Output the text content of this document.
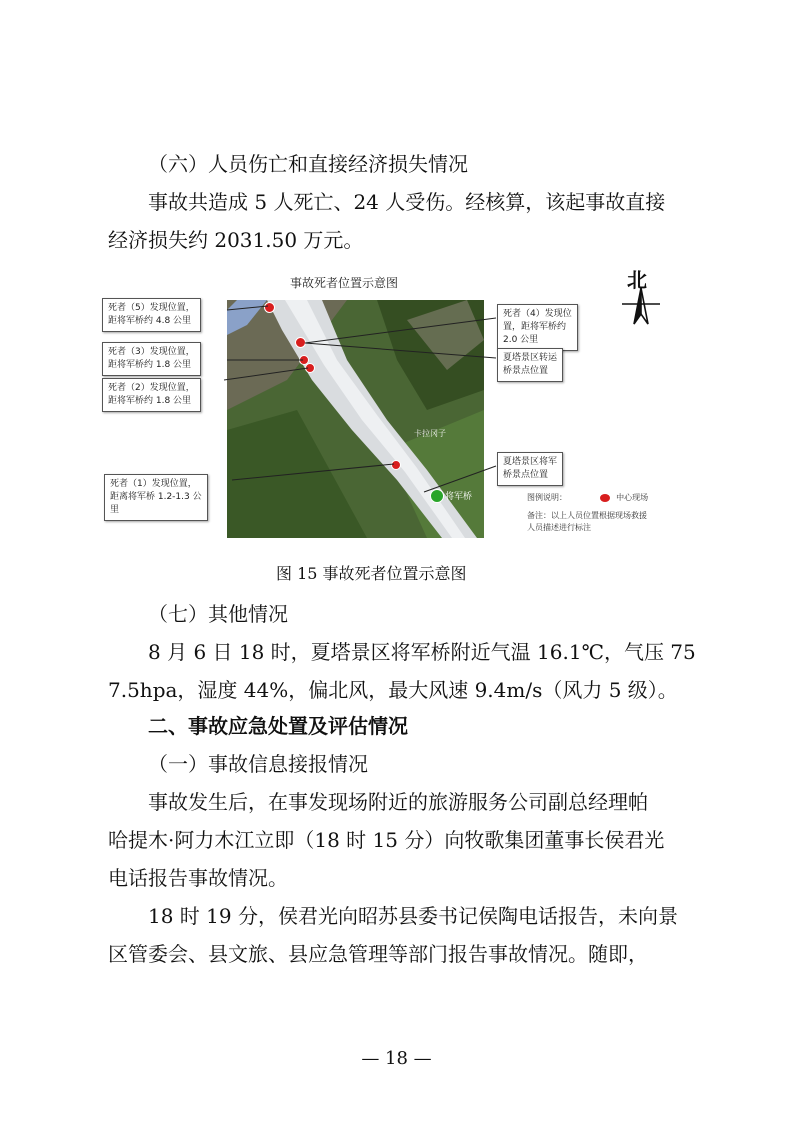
（六）人员伤亡和直接经济损失情况
事故共造成 5 人死亡、24 人受伤。经核算，该起事故直接
经济损失约 2031.50 万元。
事故死者位置示意图
卡拉冈子
将军桥
死者（5）发现位置，
距将军桥约 4.8 公里
死者（3）发现位置，
距将军桥约 1.8 公里
死者（2）发现位置，
距将军桥约 1.8 公里
死者（1）发现位置，
距离将军桥 1.2-1.3 公
里
死者（4）发现位
置，距将军桥约
2.0 公里
夏塔景区转运
桥景点位置
夏塔景区将军
桥景点位置
北
图例说明：	中心现场
备注：以上人员位置根据现场救援
人员描述进行标注
图 15 事故死者位置示意图
（七）其他情况
8 月 6 日 18 时，夏塔景区将军桥附近气温 16.1℃，气压 75
7.5hpa，湿度 44%，偏北风，最大风速 9.4m/s（风力 5 级）。
二、事故应急处置及评估情况
（一）事故信息接报情况
事故发生后，在事发现场附近的旅游服务公司副总经理帕
哈提木·阿力木江立即（18 时 15 分）向牧歌集团董事长侯君光
电话报告事故情况。
18 时 19 分，侯君光向昭苏县委书记侯陶电话报告，未向景
区管委会、县文旅、县应急管理等部门报告事故情况。随即，
— 18 —
